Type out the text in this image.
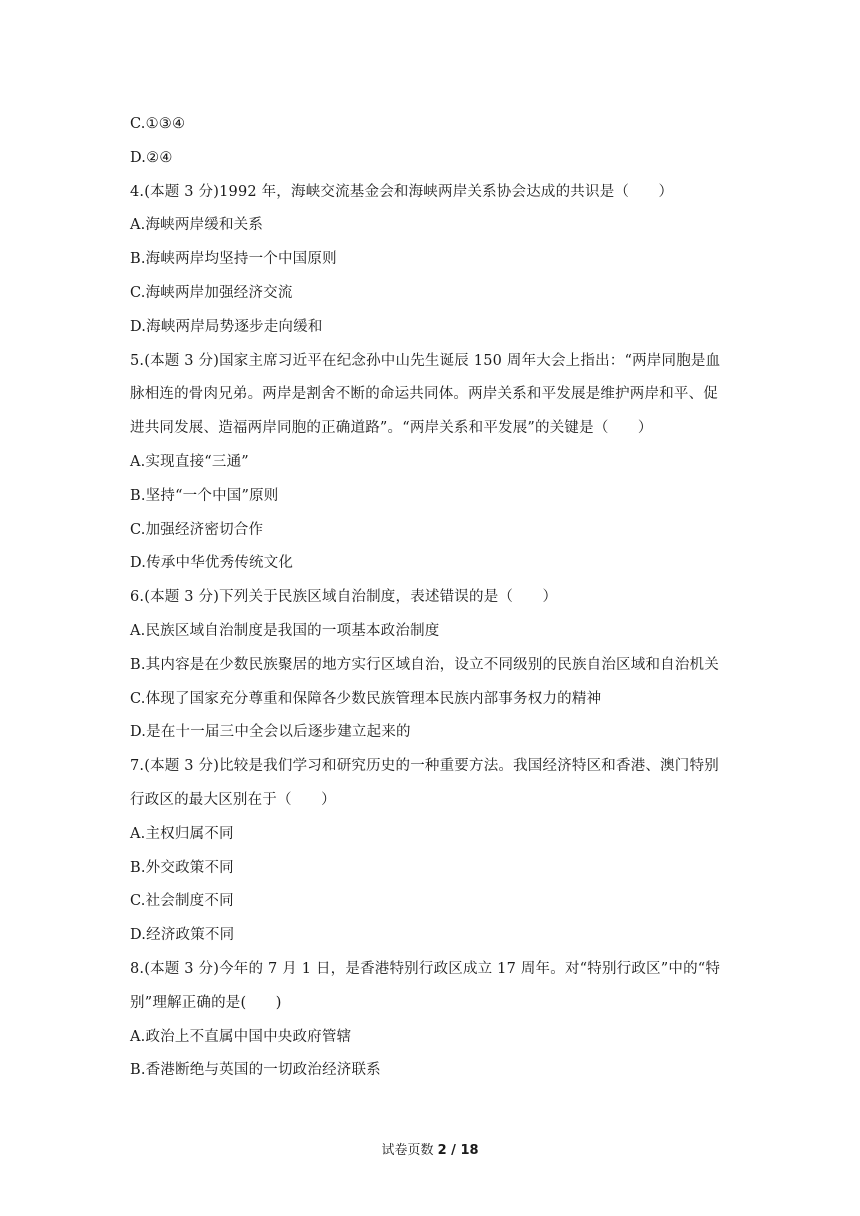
C.①③④
D.②④
4.(本题 3 分)1992 年，海峡交流基金会和海峡两岸关系协会达成的共识是（　　）
A.海峡两岸缓和关系
B.海峡两岸均坚持一个中国原则
C.海峡两岸加强经济交流
D.海峡两岸局势逐步走向缓和
5.(本题 3 分)国家主席习近平在纪念孙中山先生诞辰 150 周年大会上指出：“两岸同胞是血
脉相连的骨肉兄弟。两岸是割舍不断的命运共同体。两岸关系和平发展是维护两岸和平、促
进共同发展、造福两岸同胞的正确道路”。“两岸关系和平发展”的关键是（　　）
A.实现直接“三通”
B.坚持“一个中国”原则
C.加强经济密切合作
D.传承中华优秀传统文化
6.(本题 3 分)下列关于民族区域自治制度，表述错误的是（　　）
A.民族区域自治制度是我国的一项基本政治制度
B.其内容是在少数民族聚居的地方实行区域自治，设立不同级别的民族自治区域和自治机关
C.体现了国家充分尊重和保障各少数民族管理本民族内部事务权力的精神
D.是在十一届三中全会以后逐步建立起来的
7.(本题 3 分)比较是我们学习和研究历史的一种重要方法。我国经济特区和香港、澳门特别
行政区的最大区别在于（　　）
A.主权归属不同
B.外交政策不同
C.社会制度不同
D.经济政策不同
8.(本题 3 分)今年的 7 月 1 日，是香港特别行政区成立 17 周年。对“特别行政区”中的“特
别”理解正确的是(　　)
A.政治上不直属中国中央政府管辖
B.香港断绝与英国的一切政治经济联系
试卷页数 2 / 18
